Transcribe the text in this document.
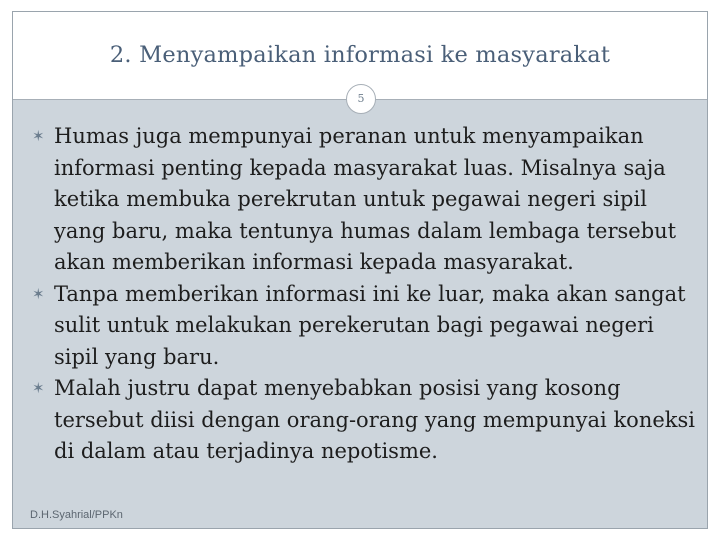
2. Menyampaikan informasi ke masyarakat
5
✶ Humas juga mempunyai peranan untuk menyampaikan informasi penting kepada masyarakat luas. Misalnya saja ketika membuka perekrutan untuk pegawai negeri sipil yang baru, maka tentunya humas dalam lembaga tersebut akan memberikan informasi kepada masyarakat.
✶ Tanpa memberikan informasi ini ke luar, maka akan sangat sulit untuk melakukan perekerutan bagi pegawai negeri sipil yang baru.
✶ Malah justru dapat menyebabkan posisi yang kosong tersebut diisi dengan orang-orang yang mempunyai koneksi di dalam atau terjadinya nepotisme.
D.H.Syahrial/PPKn
